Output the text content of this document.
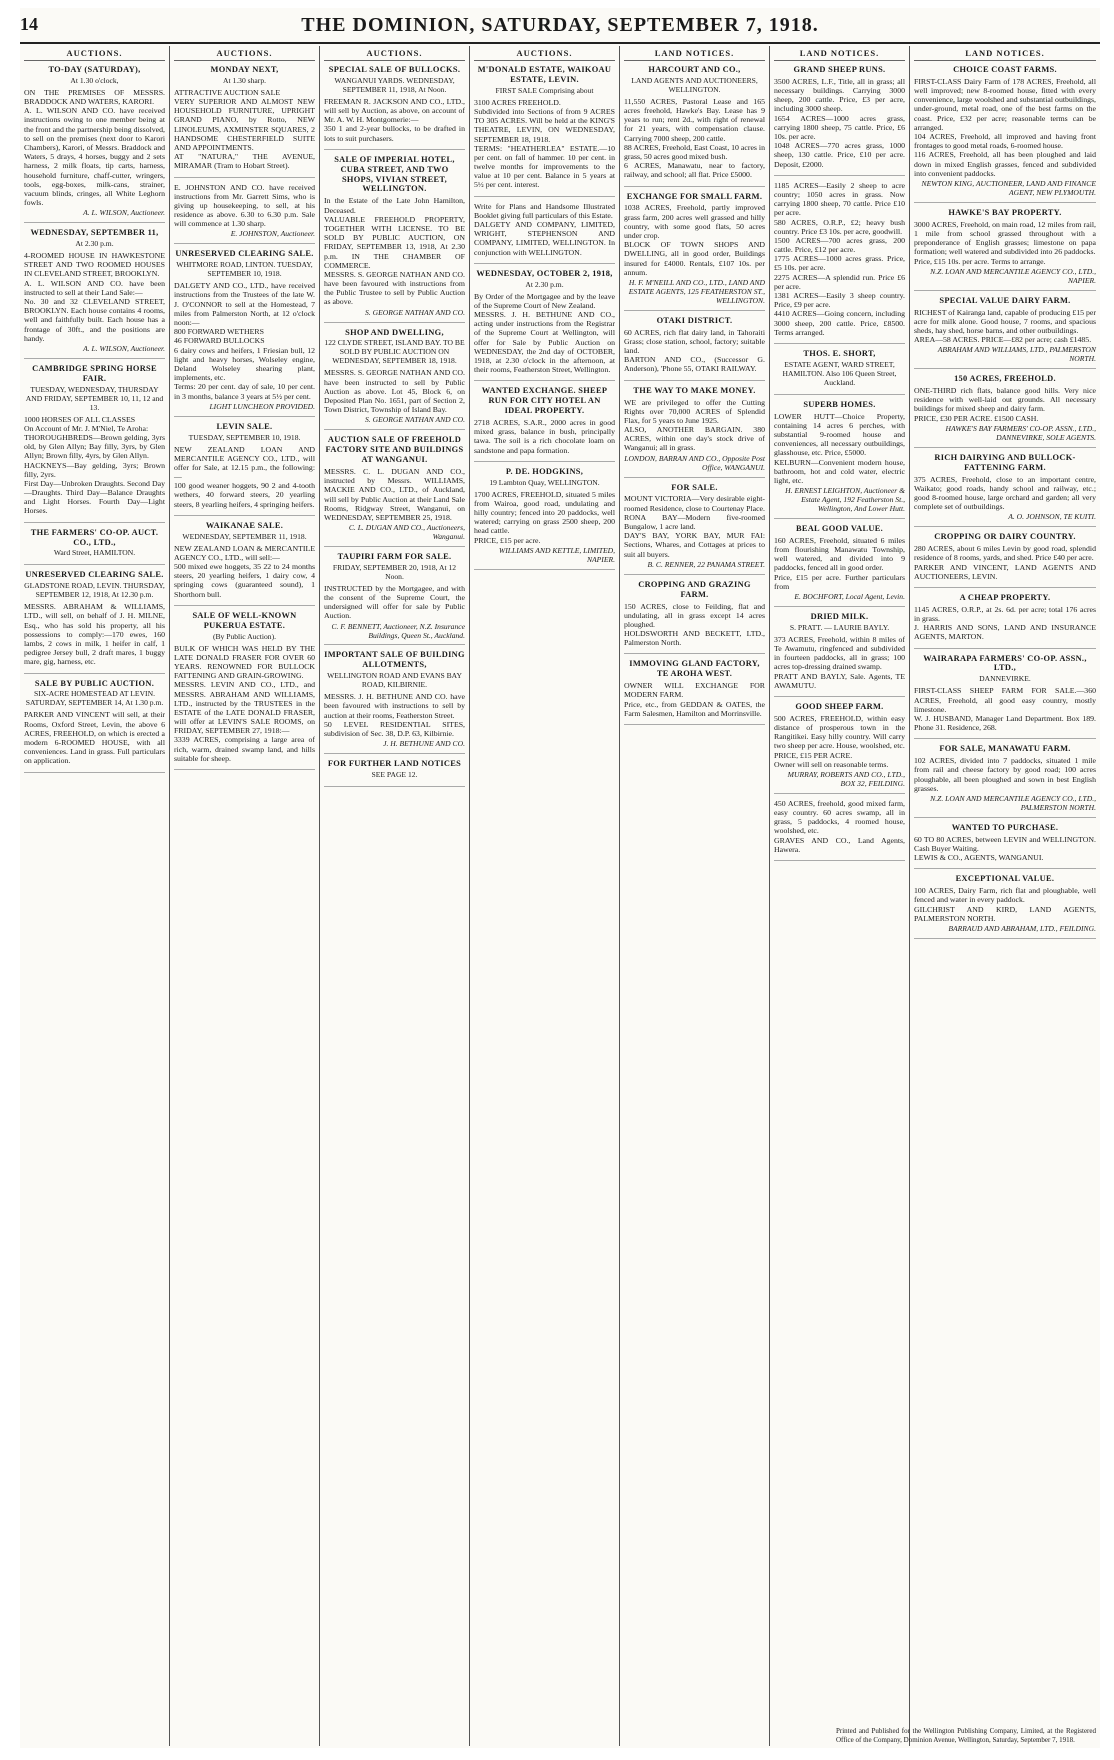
14	THE DOMINION, SATURDAY, SEPTEMBER 7, 1918.
AUCTIONS.
TO-DAY (SATURDAY),
At 1.30 o'clock,

ON THE PREMISES OF MESSRS. BRADDOCK AND WATERS, KARORI.
A. L. WILSON AND CO. have received instructions owing to one member being at the front and the partnership being dissolved, to sell on the premises (next door to Karori Chambers), Karori, of Messrs. Braddock and Waters, 5 drays, 4 horses, buggy and 2 sets harness, 2 milk floats, tip carts, harness, household furniture, chaff-cutter, wringers, tools, egg-boxes, milk-cans, strainer, vacuum blinds, cringes, all White Leghorn fowls.

A. L. WILSON, Auctioneer.
WEDNESDAY, SEPTEMBER 11,
At 2.30 p.m.

4-ROOMED HOUSE IN HAWKESTONE STREET AND TWO ROOMED HOUSES IN CLEVELAND STREET, BROOKLYN.
A. L. WILSON AND CO. have been instructed to sell at their Land Sale:—
No. 30 and 32 CLEVELAND STREET, BROOKLYN. Each house contains 4 rooms, well and faithfully built. Each house has a frontage of 30ft., and the positions are handy.

A. L. WILSON, Auctioneer.
CAMBRIDGE SPRING HORSE FAIR.
TUESDAY, WEDNESDAY, THURSDAY AND FRIDAY, SEPTEMBER 10, 11, 12 and 13.

1000 HORSES OF ALL CLASSES
On Account of Mr. J. M'Niel, Te Aroha:
THOROUGHBREDS—Brown gelding, 3yrs old, by Glen Allyn; Bay filly, 3yrs, by Glen Allyn; Brown filly, 4yrs, by Glen Allyn.
HACKNEYS—Bay gelding, 3yrs; Brown filly, 2yrs.
First Day—Unbroken Draughts. Second Day—Draughts. Third Day—Balance Draughts and Light Horses. Fourth Day—Light Horses.

THE FARMERS' CO-OP. AUCT. CO., LTD.,
Ward Street, HAMILTON.
UNRESERVED CLEARING SALE.
GLADSTONE ROAD, LEVIN. THURSDAY, SEPTEMBER 12, 1918, At 12.30 p.m.

MESSRS. ABRAHAM & WILLIAMS, LTD., will sell, on behalf of J. H. MILNE, Esq., who has sold his property, all his possessions to comply:—170 ewes, 160 lambs, 2 cows in milk, 1 heifer in calf, 1 pedigree Jersey bull, 2 draft mares, 1 buggy mare, gig, harness, etc.

SALE BY PUBLIC AUCTION.
SIX-ACRE HOMESTEAD AT LEVIN. SATURDAY, SEPTEMBER 14, At 1.30 p.m.

PARKER AND VINCENT will sell, at their Rooms, Oxford Street, Levin, the above 6 ACRES, FREEHOLD, on which is erected a modern 6-ROOMED HOUSE, with all conveniences. Land in grass. Full particulars on application.

AUCTIONS.
MONDAY NEXT,
At 1.30 sharp.

ATTRACTIVE AUCTION SALE
VERY SUPERIOR AND ALMOST NEW HOUSEHOLD FURNITURE, UPRIGHT GRAND PIANO, by Rotto, NEW LINOLEUMS, AXMINSTER SQUARES, 2 HANDSOME CHESTERFIELD SUITE AND APPOINTMENTS.
AT "NATURA," THE AVENUE, MIRAMAR (Tram to Hobart Street).

E. JOHNSTON AND CO. have received instructions from Mr. Garrett Sims, who is giving up housekeeping, to sell, at his residence as above. 6.30 to 6.30 p.m. Sale will commence at 1.30 sharp.

E. JOHNSTON, Auctioneer.
UNRESERVED CLEARING SALE.
WHITMORE ROAD, LINTON. TUESDAY, SEPTEMBER 10, 1918.

DALGETY AND CO., LTD., have received instructions from the Trustees of the late W. J. O'CONNOR to sell at the Homestead, 7 miles from Palmerston North, at 12 o'clock noon:—
800 FORWARD WETHERS
46 FORWARD BULLOCKS
6 dairy cows and heifers, 1 Friesian bull, 12 light and heavy horses, Wolseley engine, Deland Wolseley shearing plant, implements, etc.
Terms: 20 per cent. day of sale, 10 per cent. in 3 months, balance 3 years at 5½ per cent.

LIGHT LUNCHEON PROVIDED.
LEVIN SALE.
TUESDAY, SEPTEMBER 10, 1918.

NEW ZEALAND LOAN AND MERCANTILE AGENCY CO., LTD., will offer for Sale, at 12.15 p.m., the following:—
100 good weaner hoggets, 90 2 and 4-tooth wethers, 40 forward steers, 20 yearling steers, 8 yearling heifers, 4 springing heifers.

WAIKANAE SALE.
WEDNESDAY, SEPTEMBER 11, 1918.

NEW ZEALAND LOAN & MERCANTILE AGENCY CO., LTD., will sell:—
500 mixed ewe hoggets, 35 22 to 24 months steers, 20 yearling heifers, 1 dairy cow, 4 springing cows (guaranteed sound), 1 Shorthorn bull.

SALE OF WELL-KNOWN PUKERUA ESTATE.
(By Public Auction).

BULK OF WHICH WAS HELD BY THE LATE DONALD FRASER FOR OVER 60 YEARS. RENOWNED FOR BULLOCK FATTENING AND GRAIN-GROWING.
MESSRS. LEVIN AND CO., LTD., and MESSRS. ABRAHAM AND WILLIAMS, LTD., instructed by the TRUSTEES in the ESTATE of the LATE DONALD FRASER, will offer at LEVIN'S SALE ROOMS, on FRIDAY, SEPTEMBER 27, 1918:—
3339 ACRES, comprising a large area of rich, warm, drained swamp land, and hills suitable for sheep.

AUCTIONS.
SPECIAL SALE OF BULLOCKS.
WANGANUI YARDS. WEDNESDAY, SEPTEMBER 11, 1918, At Noon.

FREEMAN R. JACKSON AND CO., LTD., will sell by Auction, as above, on account of Mr. A. W. H. Montgomerie:—
350 1 and 2-year bullocks, to be drafted in lots to suit purchasers.

SALE OF IMPERIAL HOTEL, CUBA STREET, AND TWO SHOPS, VIVIAN STREET, WELLINGTON.

In the Estate of the Late John Hamilton, Deceased.
VALUABLE FREEHOLD PROPERTY, TOGETHER WITH LICENSE. TO BE SOLD BY PUBLIC AUCTION, ON FRIDAY, SEPTEMBER 13, 1918, At 2.30 p.m. IN THE CHAMBER OF COMMERCE.
MESSRS. S. GEORGE NATHAN AND CO. have been favoured with instructions from the Public Trustee to sell by Public Auction as above.

S. GEORGE NATHAN AND CO.
SHOP AND DWELLING,
122 CLYDE STREET, ISLAND BAY. TO BE SOLD BY PUBLIC AUCTION ON WEDNESDAY, SEPTEMBER 18, 1918.

MESSRS. S. GEORGE NATHAN AND CO. have been instructed to sell by Public Auction as above. Lot 45, Block 6, on Deposited Plan No. 1651, part of Section 2, Town District, Township of Island Bay.

S. GEORGE NATHAN AND CO.
AUCTION SALE OF FREEHOLD FACTORY SITE AND BUILDINGS AT WANGANUI.

MESSRS. C. L. DUGAN AND CO., instructed by Messrs. WILLIAMS, MACKIE AND CO., LTD., of Auckland, will sell by Public Auction at their Land Sale Rooms, Ridgway Street, Wanganui, on WEDNESDAY, SEPTEMBER 25, 1918.

C. L. DUGAN AND CO., Auctioneers, Wanganui.
TAUPIRI FARM FOR SALE.
FRIDAY, SEPTEMBER 20, 1918, At 12 Noon.

INSTRUCTED by the Mortgagee, and with the consent of the Supreme Court, the undersigned will offer for sale by Public Auction.

C. F. BENNETT, Auctioneer, N.Z. Insurance Buildings, Queen St., Auckland.
IMPORTANT SALE OF BUILDING ALLOTMENTS,
WELLINGTON ROAD AND EVANS BAY ROAD, KILBIRNIE.

MESSRS. J. H. BETHUNE AND CO. have been favoured with instructions to sell by auction at their rooms, Featherston Street.
50 LEVEL RESIDENTIAL SITES, subdivision of Sec. 38, D.P. 63, Kilbirnie.

J. H. BETHUNE AND CO.
FOR FURTHER LAND NOTICES
SEE PAGE 12.
AUCTIONS.
M'DONALD ESTATE, WAIKOAU ESTATE, LEVIN.
FIRST SALE Comprising about

3100 ACRES FREEHOLD.
Subdivided into Sections of from 9 ACRES TO 305 ACRES. Will be held at the KING'S THEATRE, LEVIN, ON WEDNESDAY, SEPTEMBER 18, 1918.
TERMS: "HEATHERLEA" ESTATE.—10 per cent. on fall of hammer. 10 per cent. in twelve months for improvements to the value at 10 per cent. Balance in 5 years at 5½ per cent. interest.

Write for Plans and Handsome Illustrated Booklet giving full particulars of this Estate.
DALGETY AND COMPANY, LIMITED, WRIGHT, STEPHENSON AND COMPANY, LIMITED, WELLINGTON. In conjunction with WELLINGTON.

WEDNESDAY, OCTOBER 2, 1918,
At 2.30 p.m.

By Order of the Mortgagee and by the leave of the Supreme Court of New Zealand.
MESSRS. J. H. BETHUNE AND CO., acting under instructions from the Registrar of the Supreme Court at Wellington, will offer for Sale by Public Auction on WEDNESDAY, the 2nd day of OCTOBER, 1918, at 2.30 o'clock in the afternoon, at their rooms, Featherston Street, Wellington.

WANTED EXCHANGE. SHEEP RUN FOR CITY HOTEL AN IDEAL PROPERTY.

2718 ACRES, S.A.R., 2000 acres in good mixed grass, balance in bush, principally tawa. The soil is a rich chocolate loam on sandstone and papa formation.

P. DE. HODGKINS,
19 Lambton Quay, WELLINGTON.

1700 ACRES, FREEHOLD, situated 5 miles from Wairoa, good road, undulating and hilly country; fenced into 20 paddocks, well watered; carrying on grass 2500 sheep, 200 head cattle.
PRICE, £15 per acre.

WILLIAMS AND KETTLE, LIMITED, NAPIER.
LAND NOTICES.
HARCOURT AND CO.,
LAND AGENTS AND AUCTIONEERS, WELLINGTON.

11,550 ACRES, Pastoral Lease and 165 acres freehold, Hawke's Bay. Lease has 9 years to run; rent 2d., with right of renewal for 21 years, with compensation clause. Carrying 7000 sheep, 200 cattle.
88 ACRES, Freehold, East Coast, 10 acres in grass, 50 acres good mixed bush.
6 ACRES, Manawatu, near to factory, railway, and school; all flat. Price £5000.

EXCHANGE FOR SMALL FARM.

1038 ACRES, Freehold, partly improved grass farm, 200 acres well grassed and hilly country, with some good flats, 50 acres under crop.
BLOCK OF TOWN SHOPS AND DWELLING, all in good order, Buildings insured for £4000. Rentals, £107 10s. per annum.

H. F. M'NEILL AND CO., LTD., LAND AND ESTATE AGENTS, 125 FEATHERSTON ST., WELLINGTON.
OTAKI DISTRICT.

60 ACRES, rich flat dairy land, in Tahoraiti Grass; close station, school, factory; suitable land.
BARTON AND CO., (Successor G. Anderson), 'Phone 55, OTAKI RAILWAY.

THE WAY TO MAKE MONEY.

WE are privileged to offer the Cutting Rights over 70,000 ACRES of Splendid Flax, for 5 years to June 1925.
ALSO, ANOTHER BARGAIN. 380 ACRES, within one day's stock drive of Wanganui; all in grass.

LONDON, BARRAN AND CO., Opposite Post Office, WANGANUI.
FOR SALE.

MOUNT VICTORIA—Very desirable eight-roomed Residence, close to Courtenay Place.
RONA BAY—Modern five-roomed Bungalow, 1 acre land.
DAY'S BAY, YORK BAY, MUR FAI: Sections, Whares, and Cottages at prices to suit all buyers.

B. C. RENNER, 22 PANAMA STREET.
CROPPING AND GRAZING FARM.

150 ACRES, close to Feilding, flat and undulating, all in grass except 14 acres ploughed.
HOLDSWORTH AND BECKETT, LTD., Palmerston North.

IMMOVING GLAND FACTORY, TE AROHA WEST.

OWNER WILL EXCHANGE FOR MODERN FARM.
Price, etc., from GEDDAN & OATES, the Farm Salesmen, Hamilton and Morrinsville.

LAND NOTICES.
GRAND SHEEP RUNS.

3500 ACRES, L.F., Title, all in grass; all necessary buildings. Carrying 3000 sheep, 200 cattle. Price, £3 per acre, including 3000 sheep.
1654 ACRES—1000 acres grass, carrying 1800 sheep, 75 cattle. Price, £6 10s. per acre.
1048 ACRES—770 acres grass, 1000 sheep, 130 cattle. Price, £10 per acre. Deposit, £2000.

1185 ACRES—Easily 2 sheep to acre country; 1050 acres in grass. Now carrying 1800 sheep, 70 cattle. Price £10 per acre.
580 ACRES, O.R.P., £2; heavy bush country. Price £3 10s. per acre, goodwill.
1500 ACRES—700 acres grass, 200 cattle. Price, £12 per acre.
1775 ACRES—1000 acres grass. Price, £5 10s. per acre.
2275 ACRES—A splendid run. Price £6 per acre.
1381 ACRES—Easily 3 sheep country. Price, £9 per acre.
4410 ACRES—Going concern, including 3000 sheep, 200 cattle. Price, £8500. Terms arranged.

THOS. E. SHORT,
ESTATE AGENT, WARD STREET, HAMILTON. Also 106 Queen Street, Auckland.
SUPERB HOMES.

LOWER HUTT—Choice Property, containing 14 acres 6 perches, with substantial 9-roomed house and conveniences, all necessary outbuildings, glasshouse, etc. Price, £5000.
KELBURN—Convenient modern house, bathroom, hot and cold water, electric light, etc.

H. ERNEST LEIGHTON, Auctioneer & Estate Agent, 192 Featherston St., Wellington, And Lower Hutt.
BEAL GOOD VALUE.

160 ACRES, Freehold, situated 6 miles from flourishing Manawatu Township, well watered, and divided into 9 paddocks, fenced all in good order.
Price, £15 per acre. Further particulars from

E. BOCHFORT, Local Agent, Levin.
DRIED MILK.
S. PRATT. — LAURIE BAYLY.

373 ACRES, Freehold, within 8 miles of Te Awamutu, ringfenced and subdivided in fourteen paddocks, all in grass; 100 acres top-dressing drained swamp.
PRATT AND BAYLY, Sale. Agents, TE AWAMUTU.

GOOD SHEEP FARM.

500 ACRES, FREEHOLD, within easy distance of prosperous town in the Rangitikei. Easy hilly country. Will carry two sheep per acre. House, woolshed, etc.
PRICE, £15 PER ACRE.
Owner will sell on reasonable terms.

MURRAY, ROBERTS AND CO., LTD., BOX 32, FEILDING.

450 ACRES, freehold, good mixed farm, easy country. 60 acres swamp, all in grass, 5 paddocks, 4 roomed house, woolshed, etc.
GRAVES AND CO., Land Agents, Hawera.

LAND NOTICES.
CHOICE COAST FARMS.

FIRST-CLASS Dairy Farm of 178 ACRES, Freehold, all well improved; new 8-roomed house, fitted with every convenience, large woolshed and substantial outbuildings, under-ground, metal road, one of the best farms on the coast. Price, £32 per acre; reasonable terms can be arranged.
104 ACRES, Freehold, all improved and having front frontages to good metal roads, 6-roomed house.
116 ACRES, Freehold, all has been ploughed and laid down in mixed English grasses, fenced and subdivided into convenient paddocks.

NEWTON KING, AUCTIONEER, LAND AND FINANCE AGENT, NEW PLYMOUTH.
HAWKE'S BAY PROPERTY.

3000 ACRES, Freehold, on main road, 12 miles from rail, 1 mile from school grassed throughout with a preponderance of English grasses; limestone on papa formation; well watered and subdivided into 26 paddocks.
Price, £15 10s. per acre. Terms to arrange.

N.Z. LOAN AND MERCANTILE AGENCY CO., LTD., NAPIER.
SPECIAL VALUE DAIRY FARM.

RICHEST of Kairanga land, capable of producing £15 per acre for milk alone. Good house, 7 rooms, and spacious sheds, hay shed, horse barns, and other outbuildings.
AREA—58 ACRES. PRICE—£82 per acre; cash £1485.

ABRAHAM AND WILLIAMS, LTD., PALMERSTON NORTH.
150 ACRES, FREEHOLD.

ONE-THIRD rich flats, balance good hills. Very nice residence with well-laid out grounds. All necessary buildings for mixed sheep and dairy farm.
PRICE, £30 PER ACRE. £1500 CASH.

HAWKE'S BAY FARMERS' CO-OP. ASSN., LTD., DANNEVIRKE, SOLE AGENTS.
RICH DAIRYING AND BULLOCK-FATTENING FARM.

375 ACRES, Freehold, close to an important centre, Waikato; good roads, handy school and railway, etc.; good 8-roomed house, large orchard and garden; all very complete set of outbuildings.

A. O. JOHNSON, TE KUITI.
CROPPING OR DAIRY COUNTRY.

280 ACRES, about 6 miles Levin by good road, splendid residence of 8 rooms, yards, and shed. Price £40 per acre.
PARKER AND VINCENT, LAND AGENTS AND AUCTIONEERS, LEVIN.

A CHEAP PROPERTY.

1145 ACRES, O.R.P., at 2s. 6d. per acre; total 176 acres in grass.
J. HARRIS AND SONS, LAND AND INSURANCE AGENTS, MARTON.

WAIRARAPA FARMERS' CO-OP. ASSN., LTD.,
DANNEVIRKE.

FIRST-CLASS SHEEP FARM FOR SALE.—360 ACRES, Freehold, all good easy country, mostly limestone.
W. J. HUSBAND, Manager Land Department. Box 189. Phone 31. Residence, 268.

FOR SALE, MANAWATU FARM.

102 ACRES, divided into 7 paddocks, situated 1 mile from rail and cheese factory by good road; 100 acres ploughable, all been ploughed and sown in best English grasses.

N.Z. LOAN AND MERCANTILE AGENCY CO., LTD., PALMERSTON NORTH.
WANTED TO PURCHASE.

60 TO 80 ACRES, between LEVIN and WELLINGTON. Cash Buyer Waiting.
LEWIS & CO., AGENTS, WANGANUI.

EXCEPTIONAL VALUE.

100 ACRES, Dairy Farm, rich flat and ploughable, well fenced and water in every paddock.
GILCHRIST AND KIRD, LAND AGENTS, PALMERSTON NORTH.

BARRAUD AND ABRAHAM, LTD., FEILDING.
Printed and Published for the Wellington Publishing Company, Limited, at the Registered Office of the Company, Dominion Avenue, Wellington, Saturday, September 7, 1918.
